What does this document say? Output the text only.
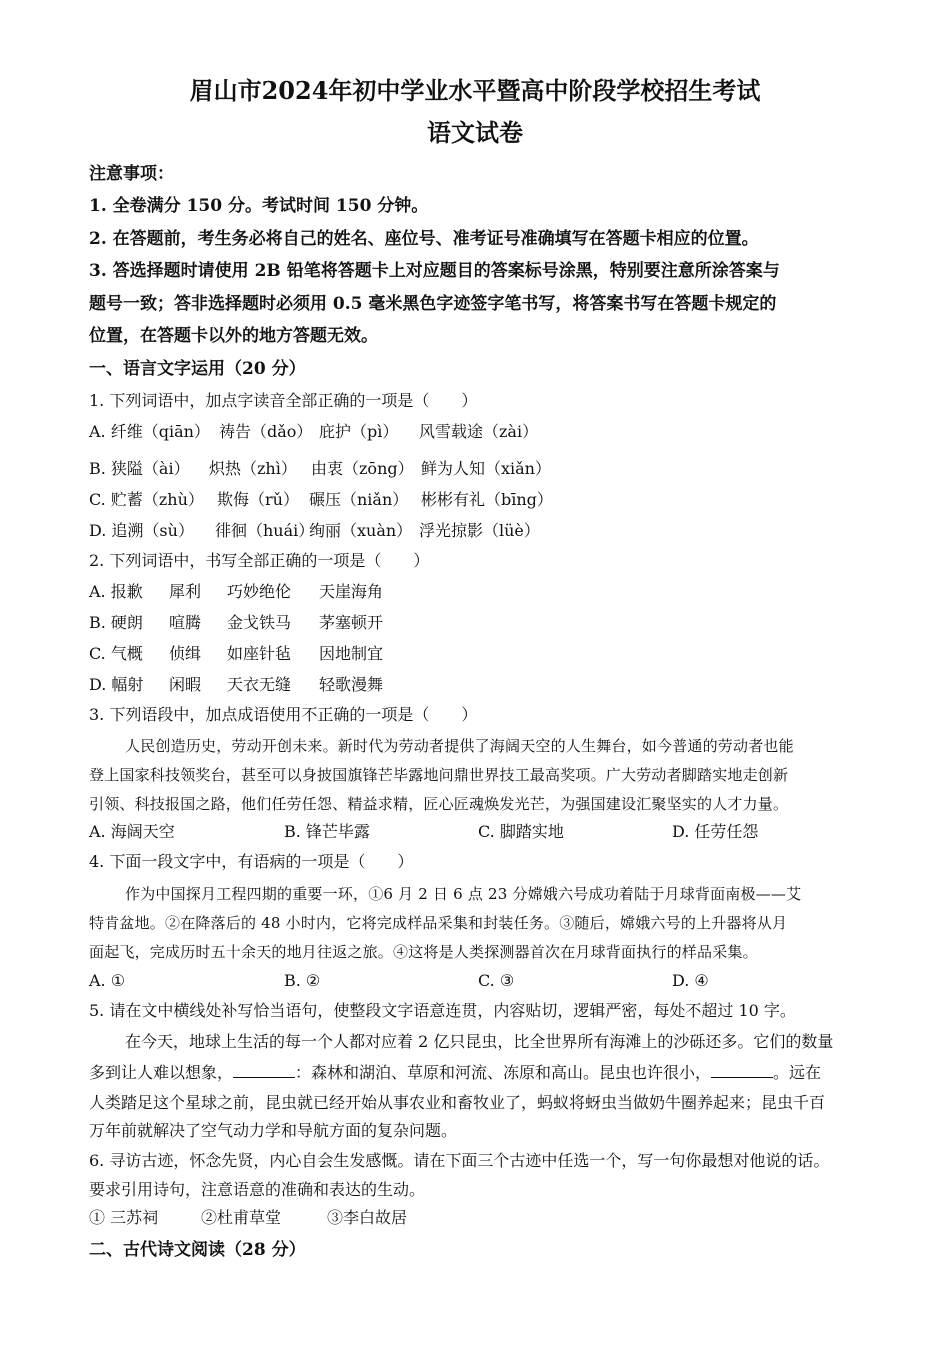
眉山市2024年初中学业水平暨高中阶段学校招生考试
语文试卷
注意事项：
1. 全卷满分 150 分。考试时间 150 分钟。
2. 在答题前，考生务必将自己的姓名、座位号、准考证号准确填写在答题卡相应的位置。
3. 答选择题时请使用 2B 铅笔将答题卡上对应题目的答案标号涂黑，特别要注意所涂答案与
题号一致；答非选择题时必须用 0.5 毫米黑色字迹签字笔书写，将答案书写在答题卡规定的
位置，在答题卡以外的地方答题无效。
一、语言文字运用（20 分）
1. 下列词语中，加点字读音全部正确的一项是（　　）
A. 纤维（qiān） 祷告（dǎo） 庇护（pì） 风雪载途（zài）
B. 狭隘（ài） 炽热（zhì） 由衷（zōng） 鲜为人知（xiǎn）
C. 贮蓄（zhù） 欺侮（rǔ） 碾压（niǎn） 彬彬有礼（bīng）
D. 追溯（sù） 徘徊（huái）绚丽（xuàn） 浮光掠影（lüè）
2. 下列词语中，书写全部正确的一项是（　　）
A. 报歉 犀利 巧妙绝伦 天崖海角
B. 硬朗 喧腾 金戈铁马 茅塞顿开
C. 气概 侦缉 如座针毡 因地制宜
D. 幅射 闲暇 天衣无缝 轻歌漫舞
3. 下列语段中，加点成语使用不正确的一项是（　　）
人民创造历史，劳动开创未来。新时代为劳动者提供了海阔天空的人生舞台，如今普通的劳动者也能
登上国家科技领奖台，甚至可以身披国旗锋芒毕露地问鼎世界技工最高奖项。广大劳动者脚踏实地走创新
引领、科技报国之路，他们任劳任怨、精益求精，匠心匠魂焕发光芒，为强国建设汇聚坚实的人才力量。
A. 海阔天空	B. 锋芒毕露	C. 脚踏实地	D. 任劳任怨
4. 下面一段文字中，有语病的一项是（　　）
作为中国探月工程四期的重要一环，①6 月 2 日 6 点 23 分嫦娥六号成功着陆于月球背面南极——艾
特肯盆地。②在降落后的 48 小时内，它将完成样品采集和封装任务。③随后，嫦娥六号的上升器将从月
面起飞，完成历时五十余天的地月往返之旅。④这将是人类探测器首次在月球背面执行的样品采集。
A. ①	B. ②	C. ③	D. ④
5. 请在文中横线处补写恰当语句，使整段文字语意连贯，内容贴切，逻辑严密，每处不超过 10 字。
在今天，地球上生活的每一个人都对应着 2 亿只昆虫，比全世界所有海滩上的沙砾还多。它们的数量
多到让人难以想象，	：森林和湖泊、草原和河流、冻原和高山。昆虫也许很小，	。远在
人类踏足这个星球之前，昆虫就已经开始从事农业和畜牧业了，蚂蚁将蚜虫当做奶牛圈养起来；昆虫千百
万年前就解决了空气动力学和导航方面的复杂问题。
6. 寻访古迹，怀念先贤，内心自会生发感慨。请在下面三个古迹中任选一个，写一句你最想对他说的话。
要求引用诗句，注意语意的准确和表达的生动。
① 三苏祠	②杜甫草堂	③李白故居
二、古代诗文阅读（28 分）
